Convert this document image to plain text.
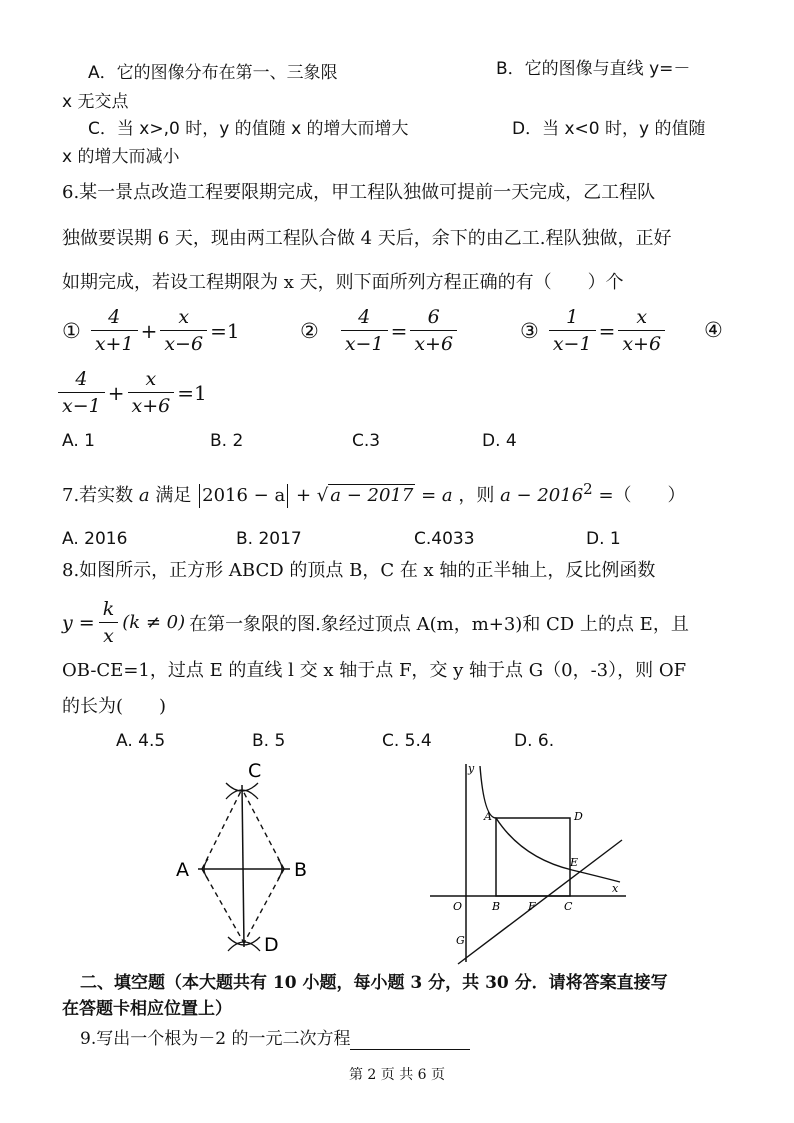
A．它的图像分布在第一、三象限	B．它的图像与直线 y=－
x 无交点
C．当 x>,0 时，y 的值随 x 的增大而增大	D．当 x<0 时，y 的值随
x 的增大而减小
6.某一景点改造工程要限期完成，甲工程队独做可提前一天完成，乙工程队
独做要误期 6 天，现由两工程队合做 4 天后，余下的由乙工.程队独做，正好
如期完成，若设工程期限为 x 天，则下面所列方程正确的有（　　）个
① $\frac{4}{x+1} + \frac{x}{x-6} =1$	② $\frac{4}{x-1} = \frac{6}{x+6}$	③ $\frac{1}{x-1} = \frac{x}{x+6}$ ④
$\frac{4}{x-1} + \frac{x}{x+6} =1$
A. 1	B. 2	C.3	D. 4
7.若实数 a 满足 2016 − a + √ a − 2017 = a ，则 $a - 2016^2$ =（　　）
A. 2016	B. 2017	C.4033	D. 1
8.如图所示，正方形 ABCD 的顶点 B，C 在 x 轴的正半轴上，反比例函数
$y = \frac{k}{x} (k \ne 0)$ 在第一象限的图.象经过顶点 A(m，m+3)和 CD 上的点 E，且
OB-CE=1，过点 E 的直线 l 交 x 轴于点 F，交 y 轴于点 G（0，-3），则 OF
的长为(　　)
A. 4.5	B. 5	C. 5.4	D. 6.
C
A	B
D
y
x
O
A	D
E
B	F	C
G
二、填空题（本大题共有 10 小题，每小题 3 分，共 30 分．请将答案直接写
在答题卡相应位置上）
9.写出一个根为－2 的一元二次方程
第 2 页 共 6 页
